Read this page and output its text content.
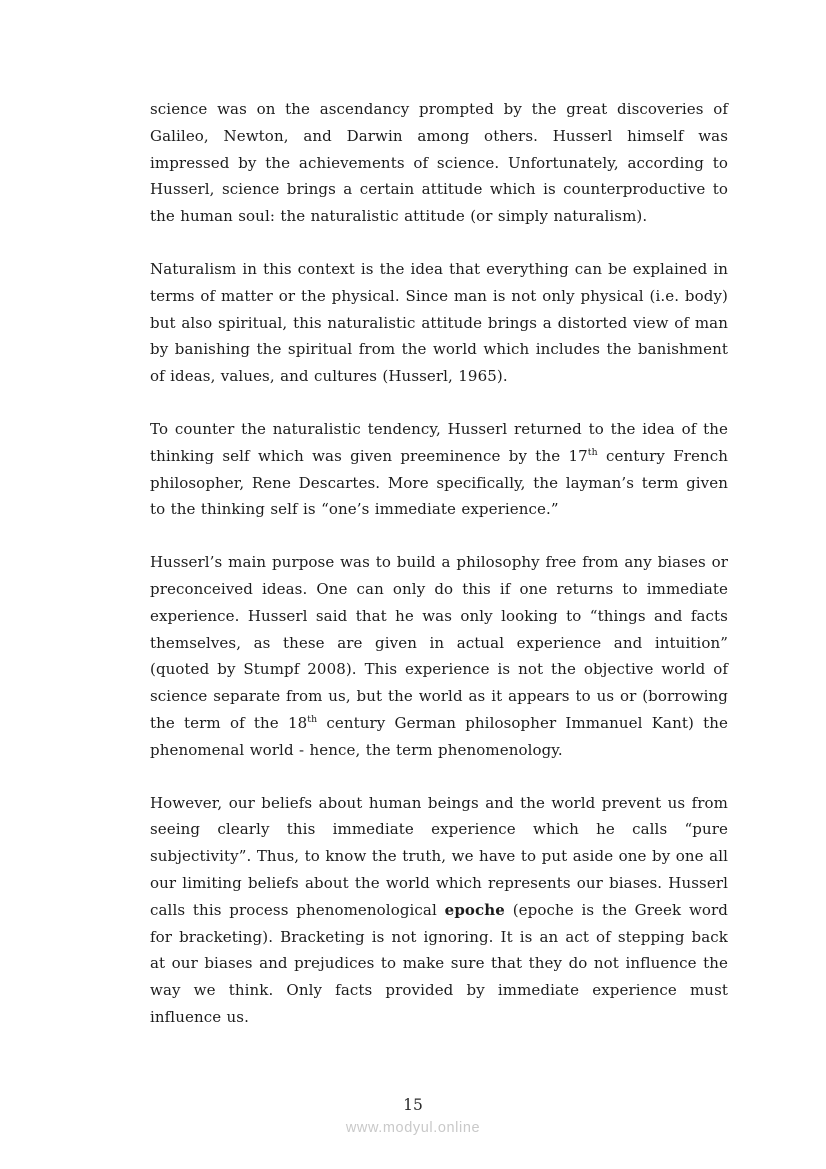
science was on the ascendancy prompted by the great discoveries of Galileo, Newton, and Darwin among others. Husserl himself was impressed by the achievements of science. Unfortunately, according to Husserl, science brings a certain attitude which is counterproductive to the human soul: the naturalistic attitude (or simply naturalism).

Naturalism in this context is the idea that everything can be explained in terms of matter or the physical. Since man is not only physical (i.e. body) but also spiritual, this naturalistic attitude brings a distorted view of man by banishing the spiritual from the world which includes the banishment of ideas, values, and cultures (Husserl, 1965).

To counter the naturalistic tendency, Husserl returned to the idea of the thinking self which was given preeminence by the 17th century French philosopher, Rene Descartes. More specifically, the layman’s term given to the thinking self is “one’s immediate experience.”

Husserl’s main purpose was to build a philosophy free from any biases or preconceived ideas. One can only do this if one returns to immediate experience. Husserl said that he was only looking to “things and facts themselves, as these are given in actual experience and intuition” (quoted by Stumpf 2008). This experience is not the objective world of science separate from us, but the world as it appears to us or (borrowing the term of the 18th century German philosopher Immanuel Kant) the phenomenal world - hence, the term phenomenology.

However, our beliefs about human beings and the world prevent us from seeing clearly this immediate experience which he calls “pure subjectivity”. Thus, to know the truth, we have to put aside one by one all our limiting beliefs about the world which represents our biases. Husserl calls this process phenomenological epoche (epoche is the Greek word for bracketing). Bracketing is not ignoring. It is an act of stepping back at our biases and prejudices to make sure that they do not influence the way we think. Only facts provided by immediate experience must influence us.

15
www.modyul.online
